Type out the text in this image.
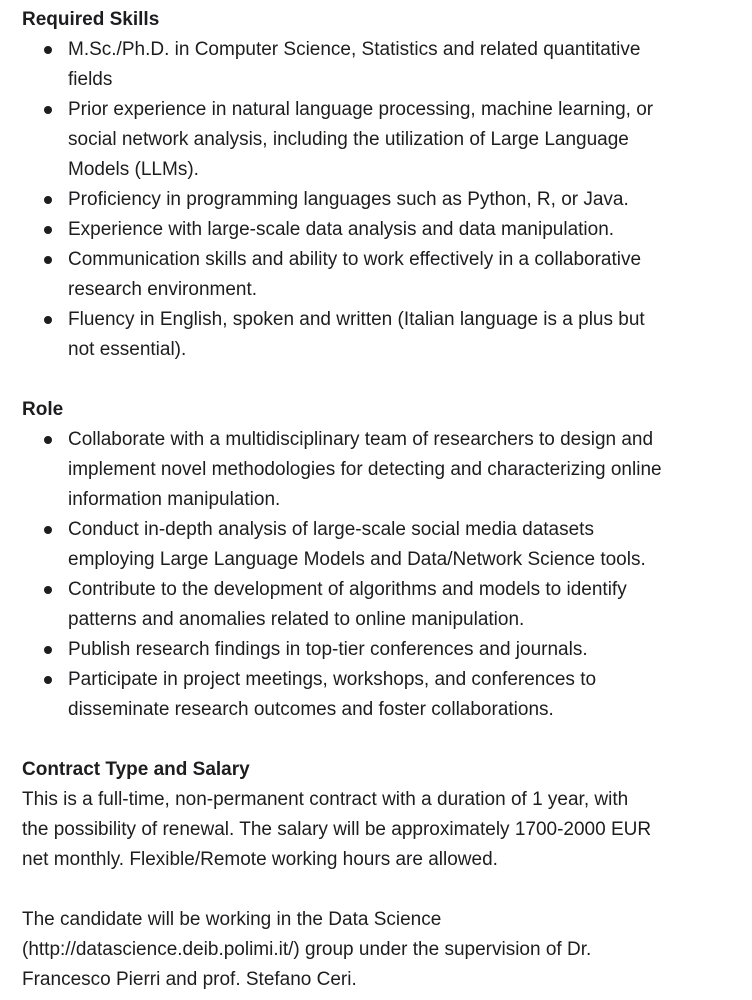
Required Skills
M.Sc./Ph.D. in Computer Science, Statistics and related quantitative
fields
Prior experience in natural language processing, machine learning, or
social network analysis, including the utilization of Large Language
Models (LLMs).
Proficiency in programming languages such as Python, R, or Java.
Experience with large-scale data analysis and data manipulation.
Communication skills and ability to work effectively in a collaborative
research environment.
Fluency in English, spoken and written (Italian language is a plus but
not essential).
Role
Collaborate with a multidisciplinary team of researchers to design and
implement novel methodologies for detecting and characterizing online
information manipulation.
Conduct in-depth analysis of large-scale social media datasets
employing Large Language Models and Data/Network Science tools.
Contribute to the development of algorithms and models to identify
patterns and anomalies related to online manipulation.
Publish research findings in top-tier conferences and journals.
Participate in project meetings, workshops, and conferences to
disseminate research outcomes and foster collaborations.
Contract Type and Salary

This is a full-time, non-permanent contract with a duration of 1 year, with
the possibility of renewal. The salary will be approximately 1700-2000 EUR
net monthly. Flexible/Remote working hours are allowed.

The candidate will be working in the Data Science
(http://datascience.deib.polimi.it/) group under the supervision of Dr.
Francesco Pierri and prof. Stefano Ceri.
